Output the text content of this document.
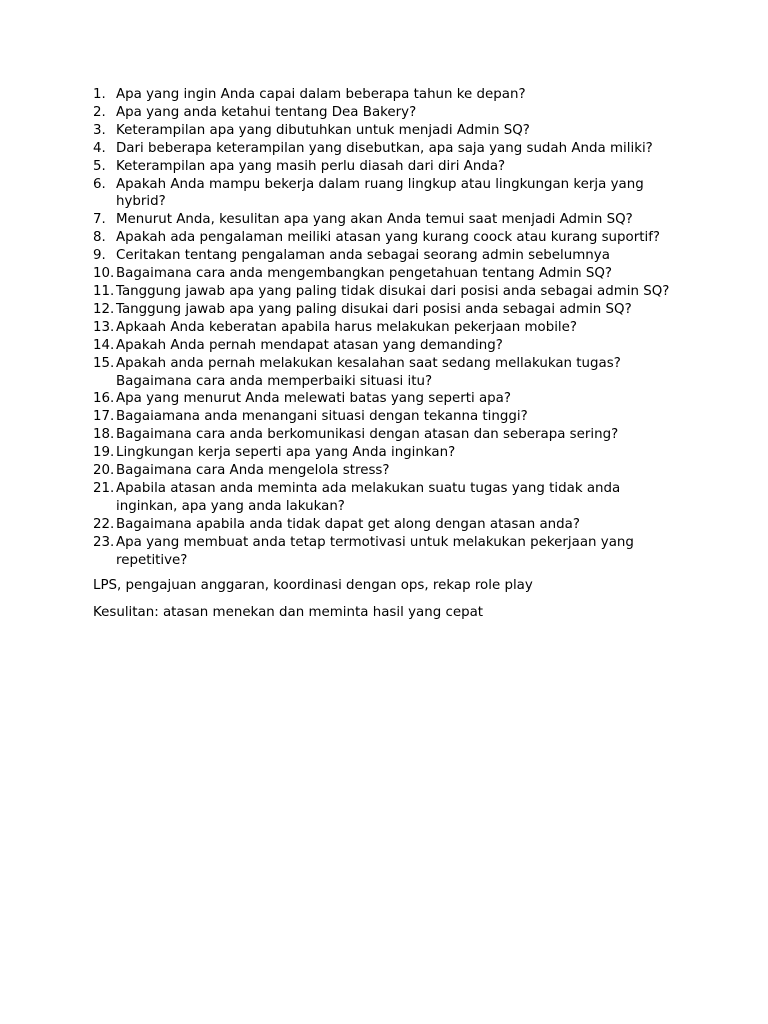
1. Apa yang ingin Anda capai dalam beberapa tahun ke depan?
2. Apa yang anda ketahui tentang Dea Bakery?
3. Keterampilan apa yang dibutuhkan untuk menjadi Admin SQ?
4. Dari beberapa keterampilan yang disebutkan, apa saja yang sudah Anda miliki?
5. Keterampilan apa yang masih perlu diasah dari diri Anda?
6. Apakah Anda mampu bekerja dalam ruang lingkup atau lingkungan kerja yang hybrid?
7. Menurut Anda, kesulitan apa yang akan Anda temui saat menjadi Admin SQ?
8. Apakah ada pengalaman meiliki atasan yang kurang coock atau kurang suportif?
9. Ceritakan tentang pengalaman anda sebagai seorang admin sebelumnya
10. Bagaimana cara anda mengembangkan pengetahuan tentang Admin SQ?
11. Tanggung jawab apa yang paling tidak disukai dari posisi anda sebagai admin SQ?
12. Tanggung jawab apa yang paling disukai dari posisi anda sebagai admin SQ?
13. Apkaah Anda keberatan apabila harus melakukan pekerjaan mobile?
14. Apakah Anda pernah mendapat atasan yang demanding?
15. Apakah anda pernah melakukan kesalahan saat sedang mellakukan tugas? Bagaimana cara anda memperbaiki situasi itu?
16. Apa yang menurut Anda melewati batas yang seperti apa?
17. Bagaiamana anda menangani situasi dengan tekanna tinggi?
18. Bagaimana cara anda berkomunikasi dengan atasan dan seberapa sering?
19. Lingkungan kerja seperti apa yang Anda inginkan?
20. Bagaimana cara Anda mengelola stress?
21. Apabila atasan anda meminta ada melakukan suatu tugas yang tidak anda inginkan, apa yang anda lakukan?
22. Bagaimana apabila anda tidak dapat get along dengan atasan anda?
23. Apa yang membuat anda tetap termotivasi untuk melakukan pekerjaan yang repetitive?

LPS, pengajuan anggaran, koordinasi dengan ops, rekap role play

Kesulitan: atasan menekan dan meminta hasil yang cepat
